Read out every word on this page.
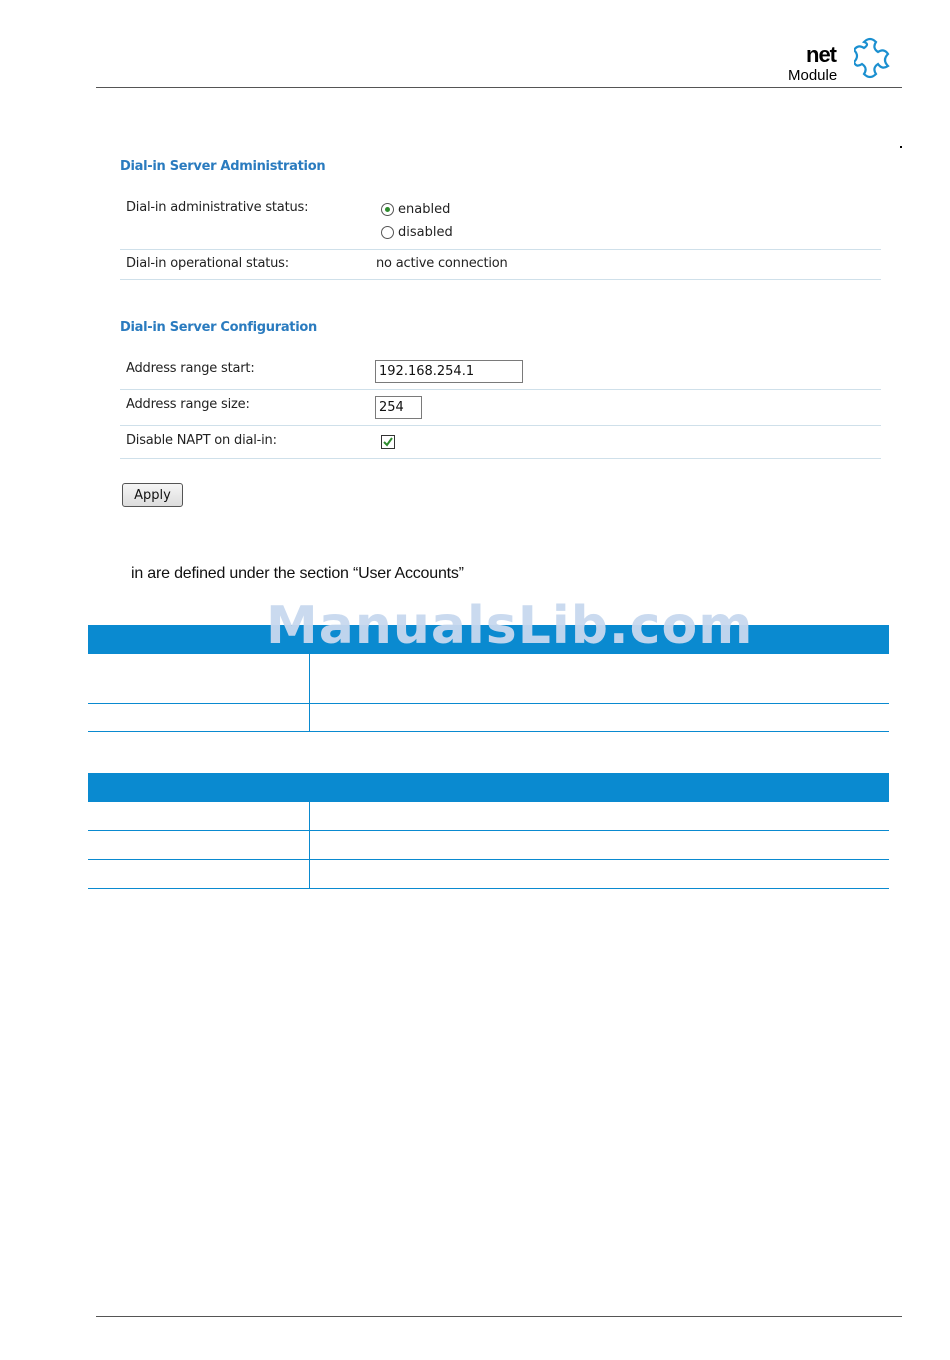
net
Module
Dial-in Server Administration
Dial-in administrative status:	enabled
disabled
Dial-in operational status:	no active connection
Dial-in Server Configuration
Address range start:	192.168.254.1
Address range size:	254
Disable NAPT on dial-in:
Apply
in are defined under the section “User Accounts”
ManualsLib.com
